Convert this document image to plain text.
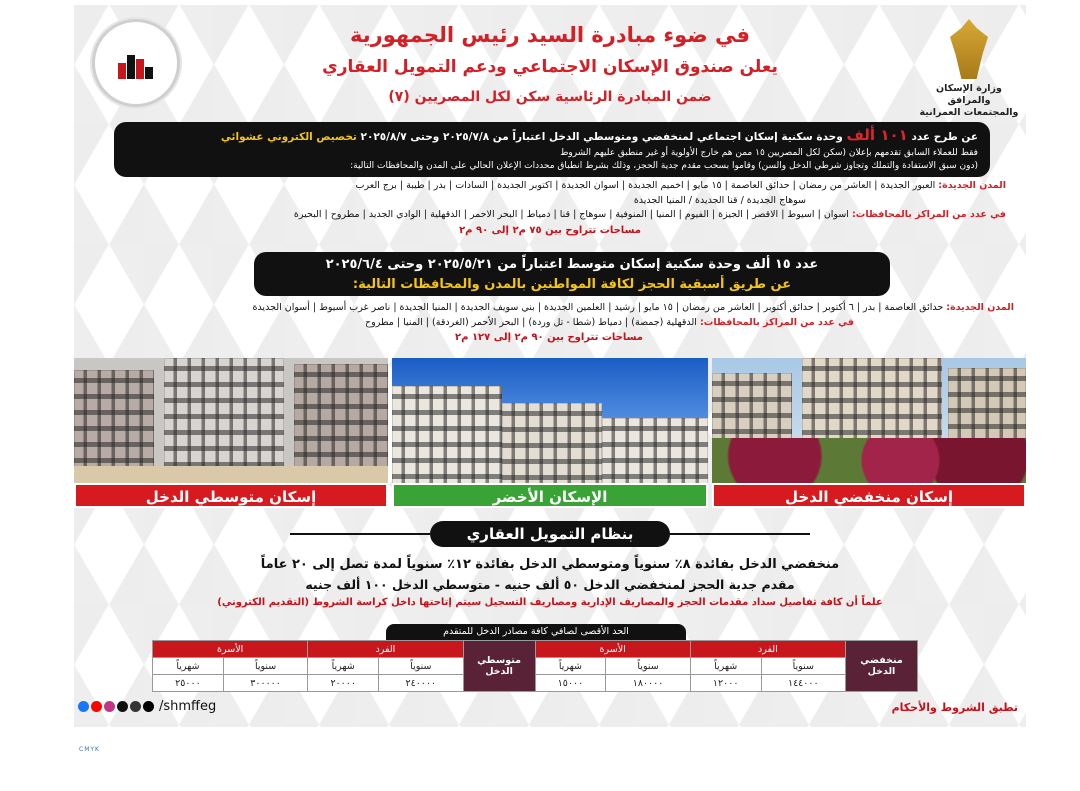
وزارة الإسكان والمرافق والمجتمعات العمرانية
في ضوء مبادرة السيد رئيس الجمهورية
يعلن صندوق الإسكان الاجتماعي ودعم التمويل العقاري
ضمن المبادرة الرئاسية سكن لكل المصريين (٧)
عن طرح عدد ١٠١ ألف وحدة سكنية إسكان اجتماعي لمنخفضي ومتوسطي الدخل اعتباراً من ٢٠٢٥/٧/٨ وحتى ٢٠٢٥/٨/٧ تخصيص الكتروني عشوائي
فقط للعملاء السابق تقدمهم بإعلان (سكن لكل المصريين ١٥ ممن هم خارج الأولوية أو غير منطبق عليهم الشروط
(دون سبق الاستفادة والتملك وتجاوز شرطي الدخل والسن) وقاموا بسحب مقدم جدية الحجز، وذلك بشرط انطباق محددات الإعلان الحالي على المدن والمحافظات التالية:
المدن الجديدة: العبور الجديدة | العاشر من رمضان | حدائق العاصمة | ١٥ مايو | اخميم الجديدة | اسوان الجديدة | اكتوبر الجديدة | السادات | بدر | طيبة | برج العرب
سوهاج الجديدة / قنا الجديدة / المنيا الجديدة
في عدد من المراكز بالمحافظات: اسوان | اسيوط | الاقصر | الجيزة | الفيوم | المنيا | المنوفية | سوهاج | قنا | دمياط | البحر الاحمر | الدقهلية | الوادي الجديد | مطروح | البحيرة
مساحات تتراوح بين ٧٥ م٢ إلى ٩٠ م٢
عدد ١٥ ألف وحدة سكنية إسكان متوسط اعتباراً من ٢٠٢٥/٥/٢١ وحتى ٢٠٢٥/٦/٤
عن طريق أسبقية الحجز لكافة المواطنين بالمدن والمحافظات التالية:
المدن الجديدة: حدائق العاصمة | بدر | ٦ أكتوبر | حدائق أكتوبر | العاشر من رمضان | ١٥ مايو | رشيد | العلمين الجديدة | بني سويف الجديدة | المنيا الجديدة | ناصر غرب أسيوط | أسوان الجديدة
في عدد من المراكز بالمحافظات: الدقهلية (جمصة) | دمياط (شطا - تل وردة) | البحر الأحمر (الغردقة) | المنيا | مطروح
مساحات تتراوح بين ٩٠ م٢ إلى ١٢٧ م٢
إسكان متوسطي الدخل	الإسكان الأخضر	إسكان منخفضي الدخل
بنظام التمويل العقاري
منخفضي الدخل بفائدة ٨٪ سنوياً ومتوسطي الدخل بفائدة ١٢٪ سنوياً لمدة تصل إلى ٢٠ عاماً
مقدم جدية الحجز لمنخفضي الدخل ٥٠ ألف جنيه - متوسطي الدخل ١٠٠ ألف جنيه
علماً أن كافة تفاصيل سداد مقدمات الحجز والمصاريف الإدارية ومصاريف التسجيل سيتم إتاحتها داخل كراسة الشروط (التقديم الكتروني)
الحد الأقصى لصافي كافة مصادر الدخل للمتقدم
منخفضي الدخل	الفرد		الأسرة		متوسطي الدخل	الفرد		الأسرة	
	سنوياً	شهرياً	سنوياً	شهرياً		سنوياً	شهرياً	سنوياً	شهرياً
	١٤٤٠٠٠	١٢٠٠٠	١٨٠٠٠٠	١٥٠٠٠		٢٤٠٠٠٠	٢٠٠٠٠	٣٠٠٠٠٠	٢٥٠٠٠
/shmffeg	تطبق الشروط والأحكام
CMYK
